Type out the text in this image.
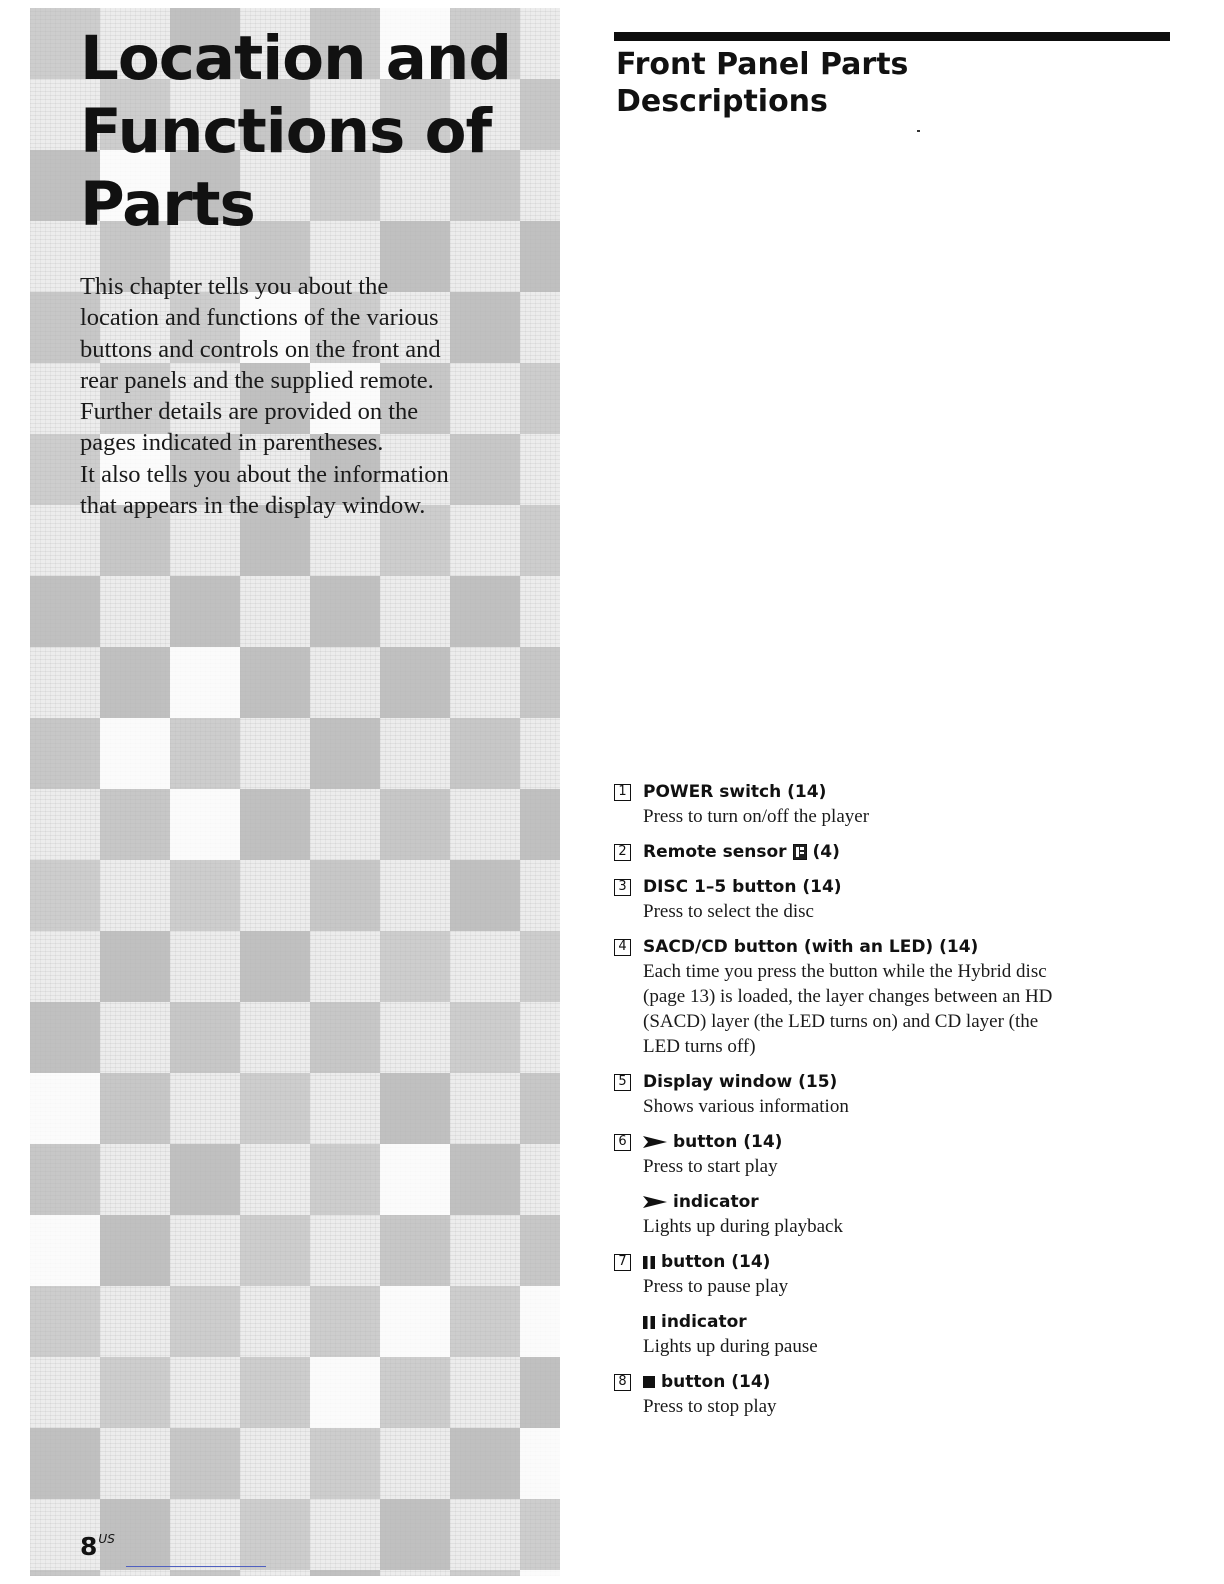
Location and
Functions of
Parts

This chapter tells you about the
location and functions of the various
buttons and controls on the front and
rear panels and the supplied remote.
Further details are provided on the
pages indicated in parentheses.
It also tells you about the information
that appears in the display window.

$8^{US}$
Front Panel Parts
Descriptions
1 POWER switch (14)

Press to turn on/off the player

2 Remote sensor (4)
3 DISC 1–5 button (14)

Press to select the disc

4 SACD/CD button (with an LED) (14)

Each time you press the button while the Hybrid disc
(page 13) is loaded, the layer changes between an HD
(SACD) layer (the LED turns on) and CD layer (the
LED turns off)

5 Display window (15)

Shows various information

6	button (14)

Press to start play

indicator

Lights up during playback

7 button (14)

Press to pause play

indicator

Lights up during pause

8 button (14)

Press to stop play
